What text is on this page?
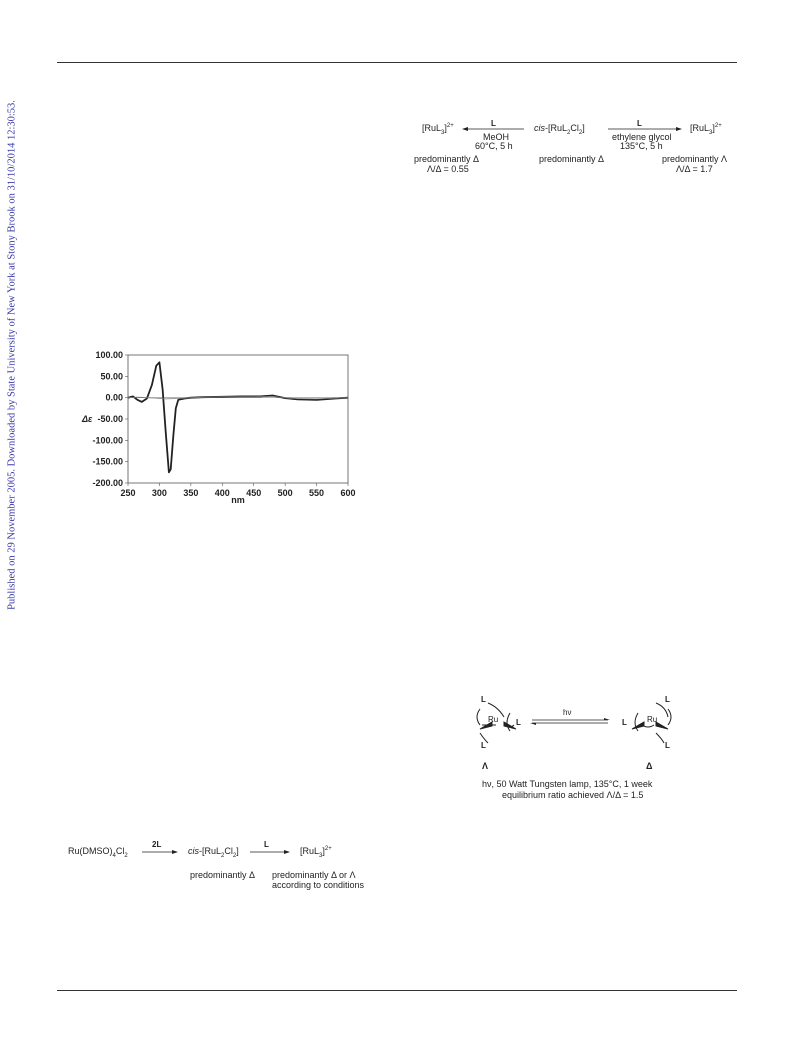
Published on 29 November 2005. Downloaded by State University of New York at Stony Brook on 31/10/2014 12:30:53.	$[RuL_3]^{2+}$	L
MeOH
60°C, 5 h
cis-$[RuL_2Cl_2]$	L
ethylene glycol
135°C, 5 h
$[RuL_3]^{2+}$
predominantly Δ
Λ/Δ = 0.55
predominantly Δ	predominantly Λ
Λ/Δ = 1.7
100.00
50.00
0.00
-50.00
-100.00
-150.00
-200.00
250 300 350 400 450 500 550 600
nm
Δε
L
Ru L
L
Λ
hν
L
L	Ru
L
Δ
hν, 50 Watt Tungsten lamp, 135°C, 1 week
equilibrium ratio achieved Λ/Δ = 1.5
$Ru(DMSO)_4Cl_2$
2L
cis-$[RuL_2Cl_2]$
L
$[RuL_3]^{2+}$
predominantly Δ predominantly Δ or Λ
according to conditions
